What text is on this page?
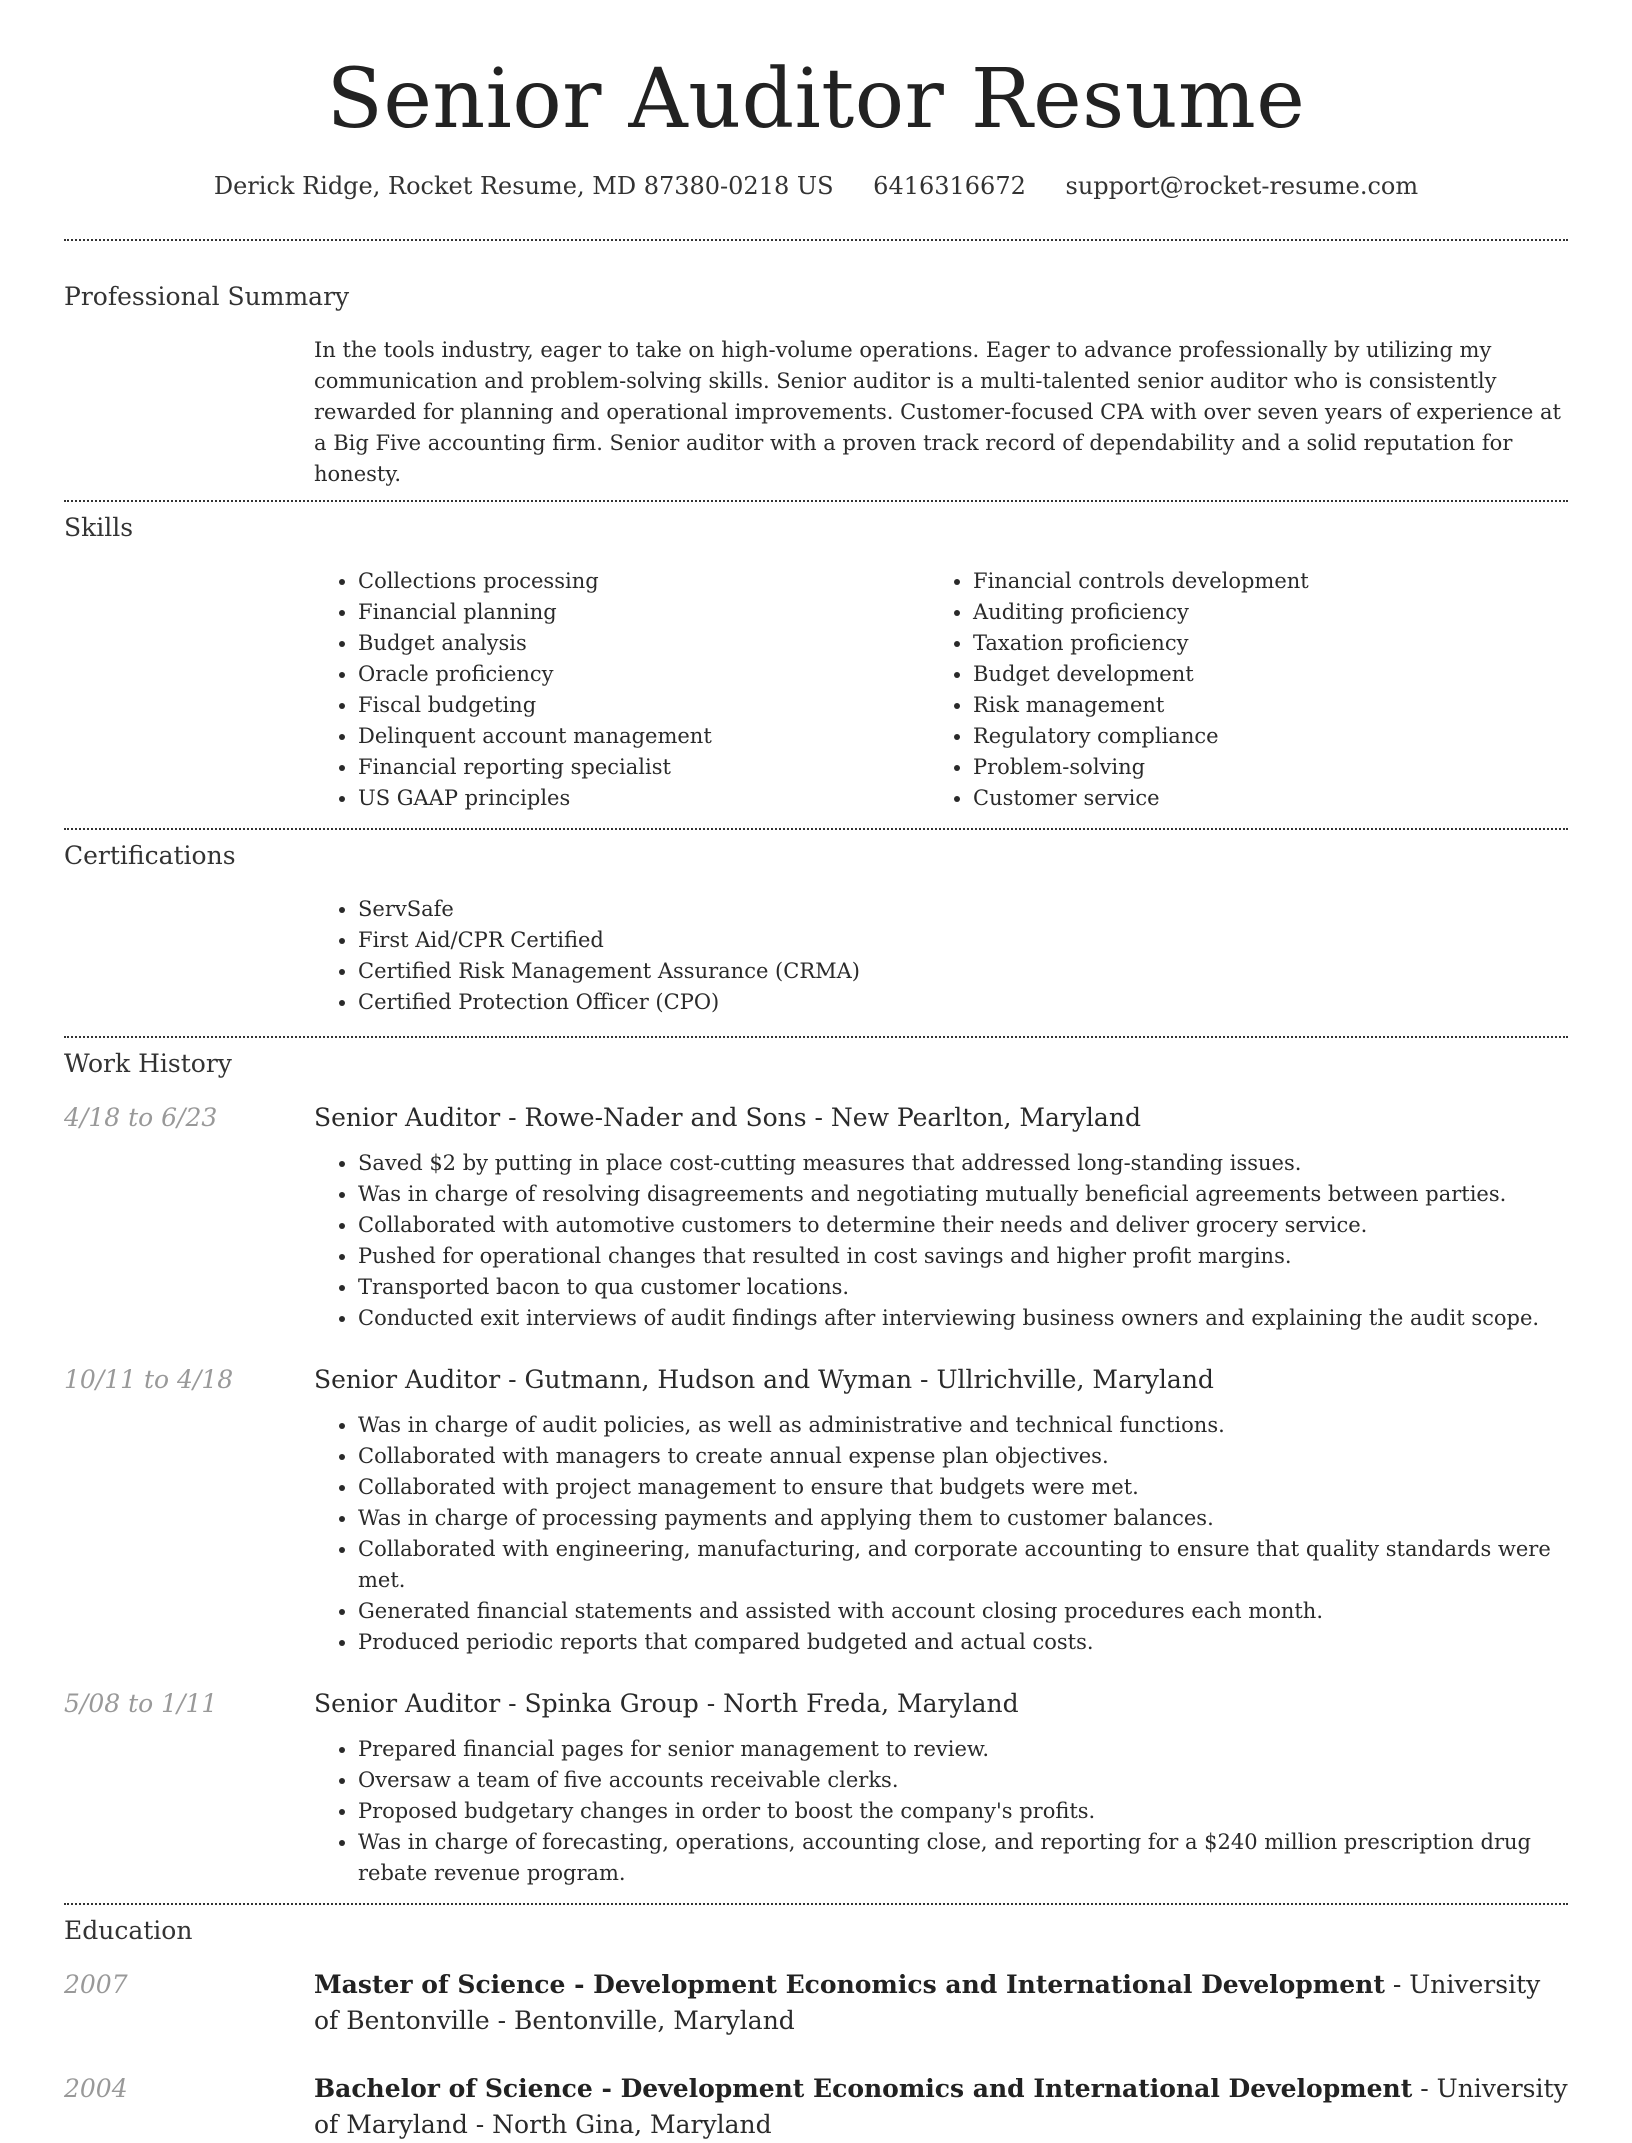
Senior Auditor Resume
Derick Ridge, Rocket Resume, MD 87380-0218 US 6416316672 support@rocket-resume.com
Professional Summary
In the tools industry, eager to take on high-volume operations. Eager to advance professionally by utilizing my communication and problem-solving skills. Senior auditor is a multi-talented senior auditor who is consistently rewarded for planning and operational improvements. Customer-focused CPA with over seven years of experience at a Big Five accounting firm. Senior auditor with a proven track record of dependability and a solid reputation for honesty.
Skills
• Collections processing
• Financial planning
• Budget analysis
• Oracle proficiency
• Fiscal budgeting
• Delinquent account management
• Financial reporting specialist
• US GAAP principles
• Financial controls development
• Auditing proficiency
• Taxation proficiency
• Budget development
• Risk management
• Regulatory compliance
• Problem-solving
• Customer service
Certifications
• ServSafe
• First Aid/CPR Certified
• Certified Risk Management Assurance (CRMA)
• Certified Protection Officer (CPO)
Work History
4/18 to 6/23	Senior Auditor - Rowe-Nader and Sons - New Pearlton, Maryland
• Saved $2 by putting in place cost-cutting measures that addressed long-standing issues.
• Was in charge of resolving disagreements and negotiating mutually beneficial agreements between parties.
• Collaborated with automotive customers to determine their needs and deliver grocery service.
• Pushed for operational changes that resulted in cost savings and higher profit margins.
• Transported bacon to qua customer locations.
• Conducted exit interviews of audit findings after interviewing business owners and explaining the audit scope.
10/11 to 4/18	Senior Auditor - Gutmann, Hudson and Wyman - Ullrichville, Maryland
• Was in charge of audit policies, as well as administrative and technical functions.
• Collaborated with managers to create annual expense plan objectives.
• Collaborated with project management to ensure that budgets were met.
• Was in charge of processing payments and applying them to customer balances.
• Collaborated with engineering, manufacturing, and corporate accounting to ensure that quality standards were met.
• Generated financial statements and assisted with account closing procedures each month.
• Produced periodic reports that compared budgeted and actual costs.
5/08 to 1/11	Senior Auditor - Spinka Group - North Freda, Maryland
• Prepared financial pages for senior management to review.
• Oversaw a team of five accounts receivable clerks.
• Proposed budgetary changes in order to boost the company's profits.
• Was in charge of forecasting, operations, accounting close, and reporting for a $240 million prescription drug rebate revenue program.
Education
2007	Master of Science - Development Economics and International Development - University of Bentonville - Bentonville, Maryland
2004	Bachelor of Science - Development Economics and International Development - University of Maryland - North Gina, Maryland
